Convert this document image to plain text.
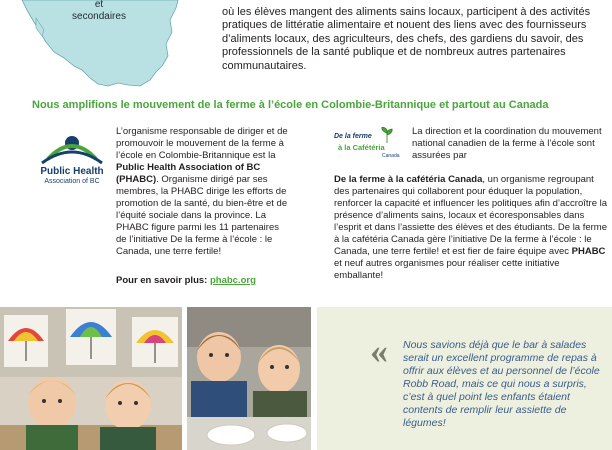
et
secondaires	où les élèves mangent des aliments sains locaux, participent à des activités pratiques de littératie alimentaire et nouent des liens avec des fournisseurs d’aliments locaux, des agriculteurs, des chefs, des gardiens du savoir, des professionnels de la santé publique et de nombreux autres partenaires communautaires.

Nous amplifions le mouvement de la ferme à l’école en Colombie-Britannique et partout au Canada
Public Health
Association of BC

L’organisme responsable de diriger et de promouvoir le mouvement de la ferme à l’école en Colombie-Britannique est la Public Health Association of BC (PHABC). Organisme dirigé par ses membres, la PHABC dirige les efforts de promotion de la santé, du bien-être et de l’équité sociale dans la province. La PHABC figure parmi les 11 partenaires de l’initiative De la ferme à l’école : le Canada, une terre fertile!

Pour en savoir plus: phabc.org

De la ferme
à la Cafétéria
Canada

La direction et la coordination du mouvement national canadien de la ferme à l’école sont assurées par

De la ferme à la cafétéria Canada, un organisme regroupant des partenaires qui collaborent pour éduquer la population, renforcer la capacité et influencer les politiques afin d’accroître la présence d’aliments sains, locaux et écoresponsables dans l’esprit et dans l’assiette des élèves et des étudiants. De la ferme à la cafétéria Canada gère l’initiative De la ferme à l’école : le Canada, une terre fertile! et est fier de faire équipe avec PHABC et neuf autres organismes pour réaliser cette initiative emballante!

« Nous savions déjà que le bar à salades serait un excellent programme de repas à offrir aux élèves et au personnel de l’école Robb Road, mais ce qui nous a surpris, c’est à quel point les enfants étaient contents de remplir leur assiette de légumes!
